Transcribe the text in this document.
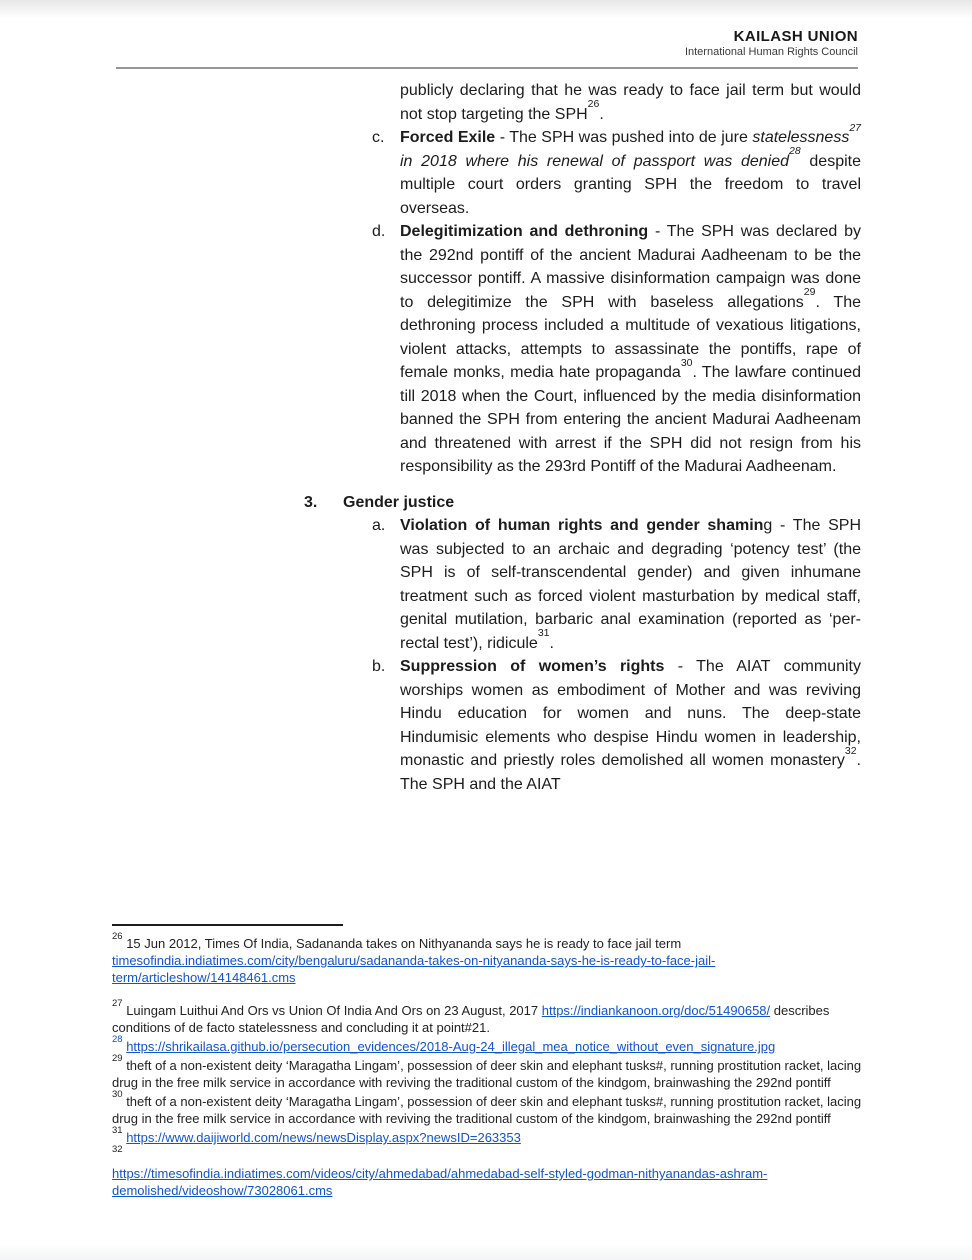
KAILASH UNION
International Human Rights Council

publicly declaring that he was ready to face jail term but would not stop targeting the SPH$^{26}$.

c. Forced Exile - The SPH was pushed into de jure statelessness$^{27}$ in 2018 where his renewal of passport was denied$^{28}$ despite multiple court orders granting SPH the freedom to travel overseas.
d. Delegitimization and dethroning - The SPH was declared by the 292nd pontiff of the ancient Madurai Aadheenam to be the successor pontiff. A massive disinformation campaign was done to delegitimize the SPH with baseless allegations$^{29}$. The dethroning process included a multitude of vexatious litigations, violent attacks, attempts to assassinate the pontiffs, rape of female monks, media hate propaganda$^{30}$. The lawfare continued till 2018 when the Court, influenced by the media disinformation banned the SPH from entering the ancient Madurai Aadheenam and threatened with arrest if the SPH did not resign from his responsibility as the 293rd Pontiff of the Madurai Aadheenam.
3. Gender justice
a. Violation of human rights and gender shaming - The SPH was subjected to an archaic and degrading ‘potency test’ (the SPH is of self-transcendental gender) and given inhumane treatment such as forced violent masturbation by medical staff, genital mutilation, barbaric anal examination (reported as ‘per-rectal test’), ridicule$^{31}$.
b. Suppression of women’s rights - The AIAT community worships women as embodiment of Mother and was reviving Hindu education for women and nuns. The deep-state Hindumisic elements who despise Hindu women in leadership, monastic and priestly roles demolished all women monastery$^{32}$. The SPH and the AIAT

$^{26}$ 15 Jun 2012, Times Of India, Sadananda takes on Nithyananda says he is ready to face jail term
timesofindia.indiatimes.com/city/bengaluru/sadananda-takes-on-nityananda-says-he-is-ready-to-face-jail-term/articleshow/14148461.cms

$^{27}$ Luingam Luithui And Ors vs Union Of India And Ors on 23 August, 2017 https://indiankanoon.org/doc/51490658/ describes conditions of de facto statelessness and concluding it at point#21.

$^{28}$ https://shrikailasa.github.io/persecution_evidences/2018-Aug-24_illegal_mea_notice_without_even_signature.jpg

$^{29}$ theft of a non-existent deity ‘Maragatha Lingam’, possession of deer skin and elephant tusks#, running prostitution racket, lacing drug in the free milk service in accordance with reviving the traditional custom of the kindgom, brainwashing the 292nd pontiff

$^{30}$ theft of a non-existent deity ‘Maragatha Lingam’, possession of deer skin and elephant tusks#, running prostitution racket, lacing drug in the free milk service in accordance with reviving the traditional custom of the kindgom, brainwashing the 292nd pontiff

$^{31}$ https://www.daijiworld.com/news/newsDisplay.aspx?newsID=263353

$^{32}$
https://timesofindia.indiatimes.com/videos/city/ahmedabad/ahmedabad-self-styled-godman-nithyanandas-ashram-demolished/videoshow/73028061.cms
